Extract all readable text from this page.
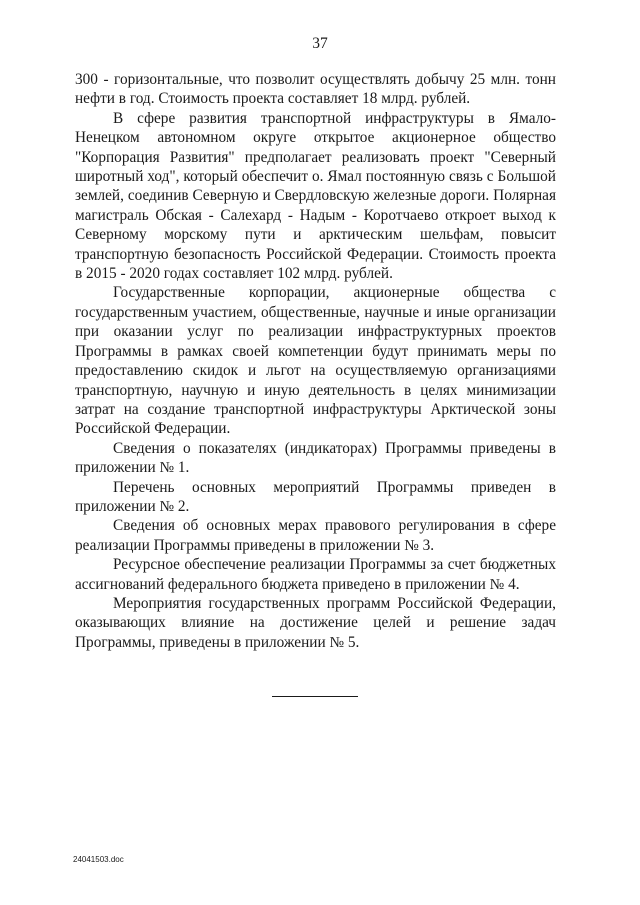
37

300 - горизонтальные, что позволит осуществлять добычу 25 млн. тонн нефти в год. Стоимость проекта составляет 18 млрд. рублей.

В сфере развития транспортной инфраструктуры в Ямало-Ненецком автономном округе открытое акционерное общество "Корпорация Развития" предполагает реализовать проект "Северный широтный ход", который обеспечит о. Ямал постоянную связь с Большой землей, соединив Северную и Свердловскую железные дороги. Полярная магистраль Обская - Салехард - Надым - Коротчаево откроет выход к Северному морскому пути и арктическим шельфам, повысит транспортную безопасность Российской Федерации. Стоимость проекта в 2015 - 2020 годах составляет 102 млрд. рублей.

Государственные корпорации, акционерные общества с государственным участием, общественные, научные и иные организации при оказании услуг по реализации инфраструктурных проектов Программы в рамках своей компетенции будут принимать меры по предоставлению скидок и льгот на осуществляемую организациями транспортную, научную и иную деятельность в целях минимизации затрат на создание транспортной инфраструктуры Арктической зоны Российской Федерации.

Сведения о показателях (индикаторах) Программы приведены в приложении № 1.

Перечень основных мероприятий Программы приведен в приложении № 2.

Сведения об основных мерах правового регулирования в сфере реализации Программы приведены в приложении № 3.

Ресурсное обеспечение реализации Программы за счет бюджетных ассигнований федерального бюджета приведено в приложении № 4.

Мероприятия государственных программ Российской Федерации, оказывающих влияние на достижение целей и решение задач Программы, приведены в приложении № 5.

24041503.doc
